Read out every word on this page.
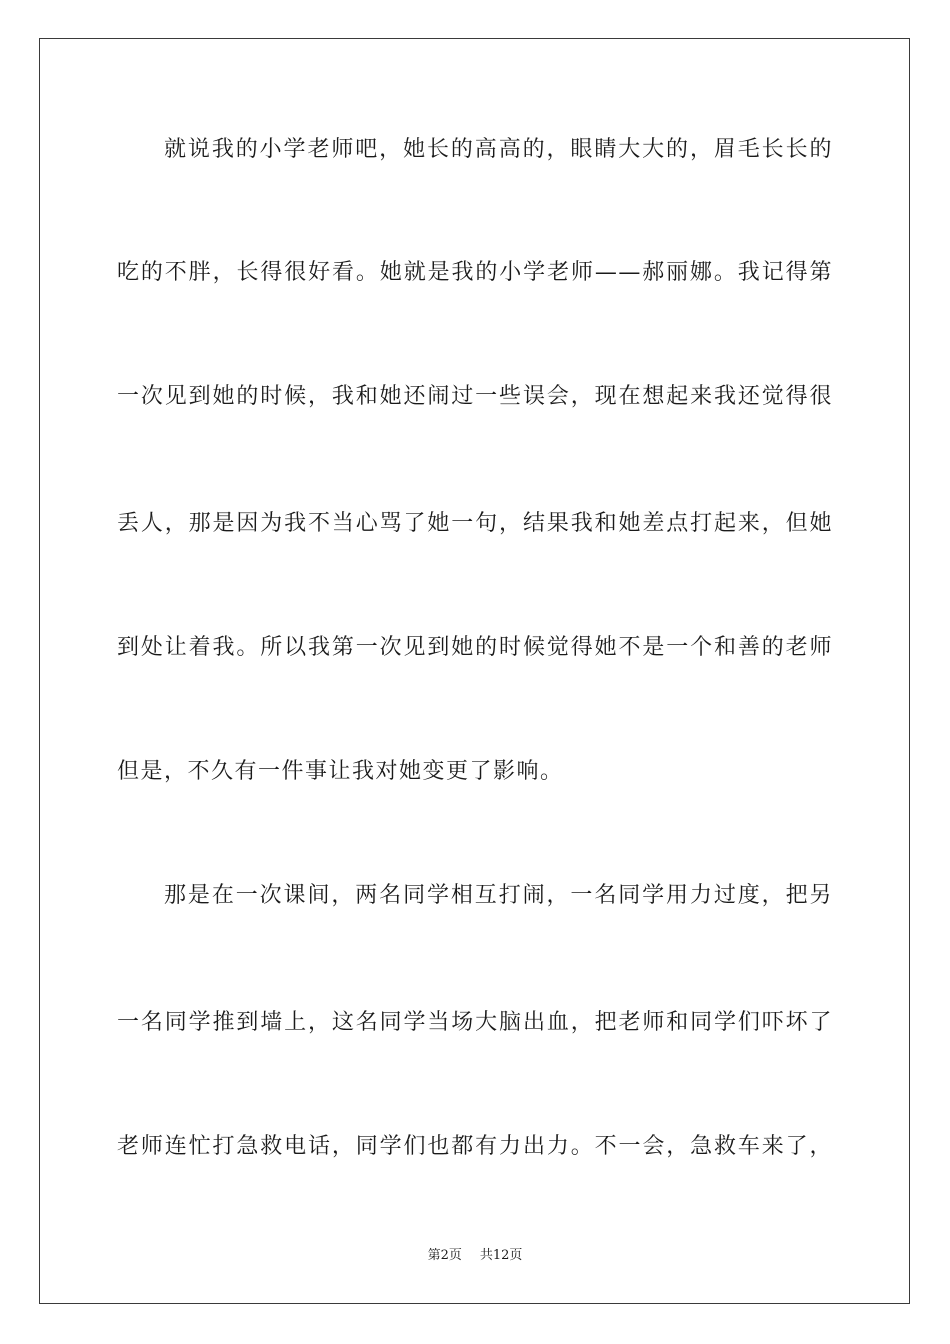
就说我的小学老师吧，她长的高高的，眼睛大大的，眉毛长长的
吃的不胖，长得很好看。她就是我的小学老师——郝丽娜。我记得第
一次见到她的时候，我和她还闹过一些误会，现在想起来我还觉得很
丢人，那是因为我不当心骂了她一句，结果我和她差点打起来，但她
到处让着我。所以我第一次见到她的时候觉得她不是一个和善的老师
但是，不久有一件事让我对她变更了影响。
那是在一次课间，两名同学相互打闹，一名同学用力过度，把另
一名同学推到墙上，这名同学当场大脑出血，把老师和同学们吓坏了
老师连忙打急救电话，同学们也都有力出力。不一会，急救车来了，
第2页 共12页
